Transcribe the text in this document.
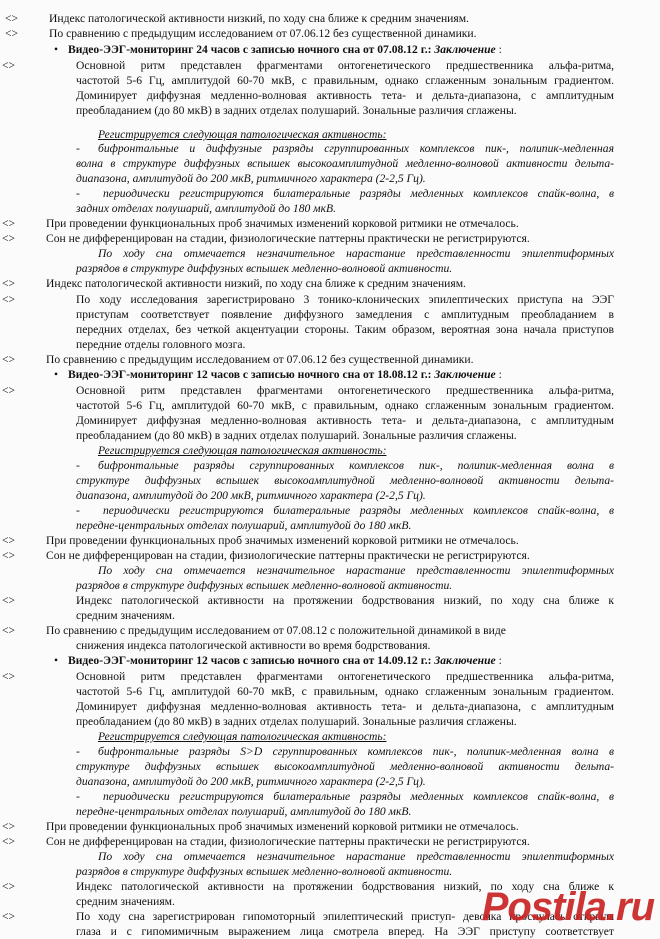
<>	Индекс патологической активности низкий, по ходу сна ближе к средним значениям.
<>	По сравнению с предыдущим исследованием от 07.06.12 без существенной динамики.
• Видео-ЭЭГ-мониторинг 24 часов с записью ночного сна от 07.08.12 г.: Заключение :
<>	Основной ритм представлен фрагментами онтогенетического предшественника альфа-ритма,
частотой 5-6 Гц, амплитудой 60-70 мкВ, с правильным, однако сглаженным зональным градиентом.
Доминирует диффузная медленно-волновая активность тета- и дельта-диапазона, с амплитудным
преобладанием (до 80 мкВ) в задних отделах полушарий. Зональные различия сглажены.
Регистрируется следующая патологическая активность:
- бифронтальные и диффузные разряды сгруппированных комплексов пик-, полипик-медленная
волна в структуре диффузных вспышек высокоамплитудной медленно-волновой активности дельта-
диапазона, амплитудой до 200 мкВ, ритмичного характера (2-2,5 Гц).
- периодически регистрируются билатеральные разряды медленных комплексов спайк-волна, в
задних отделах полушарий, амплитудой до 180 мкВ.
<>	При проведении функциональных проб значимых изменений корковой ритмики не отмечалось.
<>	Сон не дифференцирован на стадии, физиологические паттерны практически не регистрируются.
По ходу сна отмечается незначительное нарастание представленности эпилептиформных
разрядов в структуре диффузных вспышек медленно-волновой активности.
<>	Индекс патологической активности низкий, по ходу сна ближе к средним значениям.
<>	По ходу исследования зарегистрировано 3 тонико-клонических эпилептических приступа на ЭЭГ
приступам соответствует появление диффузного замедления с амплитудным преобладанием в
передних отделах, без четкой акцентуации стороны. Таким образом, вероятная зона начала приступов
передние отделы головного мозга.
<>	По сравнению с предыдущим исследованием от 07.06.12 без существенной динамики.
• Видео-ЭЭГ-мониторинг 12 часов с записью ночного сна от 18.08.12 г.: Заключение :
<>	Основной ритм представлен фрагментами онтогенетического предшественника альфа-ритма,
частотой 5-6 Гц, амплитудой 60-70 мкВ, с правильным, однако сглаженным зональным градиентом.
Доминирует диффузная медленно-волновая активность тета- и дельта-диапазона, с амплитудным
преобладанием (до 80 мкВ) в задних отделах полушарий. Зональные различия сглажены.
Регистрируется следующая патологическая активность:
- бифронтальные разряды сгруппированных комплексов пик-, полипик-медленная волна в
структуре диффузных вспышек высокоамплитудной медленно-волновой активности дельта-
диапазона, амплитудой до 200 мкВ, ритмичного характера (2-2,5 Гц).
- периодически регистрируются билатеральные разряды медленных комплексов спайк-волна, в
передне-центральных отделах полушарий, амплитудой до 180 мкВ.
<>	При проведении функциональных проб значимых изменений корковой ритмики не отмечалось.
<>	Сон не дифференцирован на стадии, физиологические паттерны практически не регистрируются.
По ходу сна отмечается незначительное нарастание представленности эпилептиформных
разрядов в структуре диффузных вспышек медленно-волновой активности.
<>	Индекс патологической активности на протяжении бодрствования низкий, по ходу сна ближе к
средним значениям.
<>	По сравнению с предыдущим исследованием от 07.08.12 с положительной динамикой в виде
снижения индекса патологической активности во время бодрствования.
• Видео-ЭЭГ-мониторинг 12 часов с записью ночного сна от 14.09.12 г.: Заключение :
<>	Основной ритм представлен фрагментами онтогенетического предшественника альфа-ритма,
частотой 5-6 Гц, амплитудой 60-70 мкВ, с правильным, однако сглаженным зональным градиентом.
Доминирует диффузная медленно-волновая активность тета- и дельта-диапазона, с амплитудным
преобладанием (до 80 мкВ) в задних отделах полушарий. Зональные различия сглажены.
Регистрируется следующая патологическая активность:
- бифронтальные разряды S>D сгруппированных комплексов пик-, полипик-медленная волна в
структуре диффузных вспышек высокоамплитудной медленно-волновой активности дельта-
диапазона, амплитудой до 200 мкВ, ритмичного характера (2-2,5 Гц).
- периодически регистрируются билатеральные разряды медленных комплексов спайк-волна, в
передне-центральных отделах полушарий, амплитудой до 180 мкВ.
<>	При проведении функциональных проб значимых изменений корковой ритмики не отмечалось.
<>	Сон не дифференцирован на стадии, физиологические паттерны практически не регистрируются.
По ходу сна отмечается незначительное нарастание представленности эпилептиформных
разрядов в структуре диффузных вспышек медленно-волновой активности.
<>	Индекс патологической активности на протяжении бодрствования низкий, по ходу сна ближе к
средним значениям.
<>	По ходу сна зарегистрирован гипомоторный эпилептический приступ- девочка проснулась открыла
глаза и с гипомимичным выражением лица смотрела вперед. На ЭЭГ приступу соответствует
Postila.ru
